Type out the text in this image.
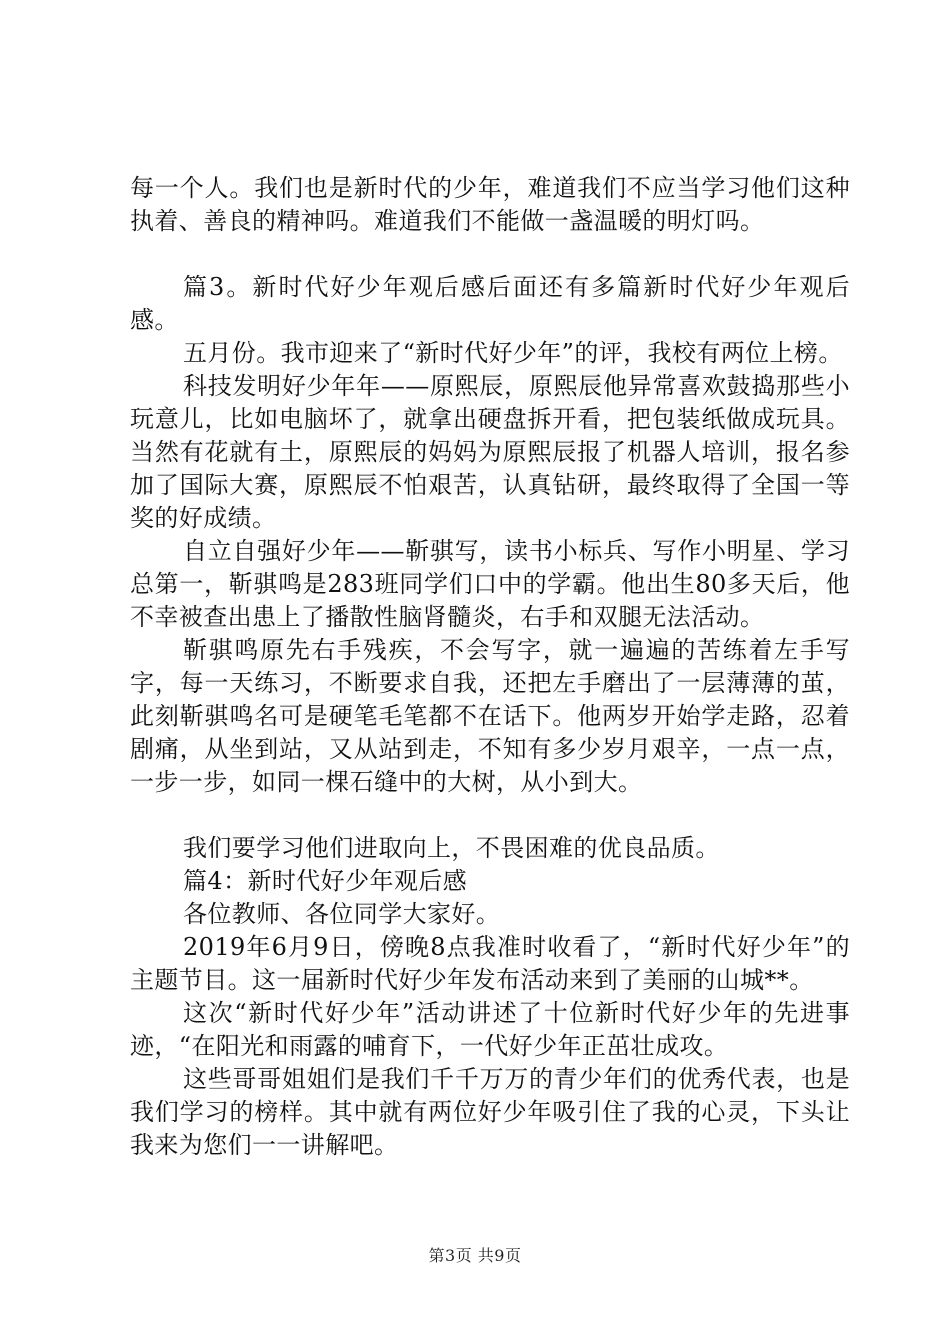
每一个人。我们也是新时代的少年，难道我们不应当学习他们这种执着、善良的精神吗。难道我们不能做一盏温暖的明灯吗。

篇3。新时代好少年观后感后面还有多篇新时代好少年观后感。

五月份。我市迎来了“新时代好少年”的评，我校有两位上榜。

科技发明好少年年——原熙辰，原熙辰他异常喜欢鼓捣那些小玩意儿，比如电脑坏了，就拿出硬盘拆开看，把包装纸做成玩具。当然有花就有土，原熙辰的妈妈为原熙辰报了机器人培训，报名参加了国际大赛，原熙辰不怕艰苦，认真钻研，最终取得了全国一等奖的好成绩。

自立自强好少年——靳骐写，读书小标兵、写作小明星、学习总第一，靳骐鸣是283班同学们口中的学霸。他出生80多天后，他不幸被查出患上了播散性脑肾髓炎，右手和双腿无法活动。

靳骐鸣原先右手残疾，不会写字，就一遍遍的苦练着左手写字，每一天练习，不断要求自我，还把左手磨出了一层薄薄的茧，此刻靳骐鸣名可是硬笔毛笔都不在话下。他两岁开始学走路，忍着剧痛，从坐到站，又从站到走，不知有多少岁月艰辛，一点一点，一步一步，如同一棵石缝中的大树，从小到大。

我们要学习他们进取向上，不畏困难的优良品质。

篇4：新时代好少年观后感

各位教师、各位同学大家好。

2019年6月9日，傍晚8点我准时收看了，“新时代好少年”的主题节目。这一届新时代好少年发布活动来到了美丽的山城**。

这次“新时代好少年”活动讲述了十位新时代好少年的先进事迹，“在阳光和雨露的哺育下，一代好少年正茁壮成攻。

这些哥哥姐姐们是我们千千万万的青少年们的优秀代表，也是我们学习的榜样。其中就有两位好少年吸引住了我的心灵，下头让我来为您们一一讲解吧。

第3页 共9页
